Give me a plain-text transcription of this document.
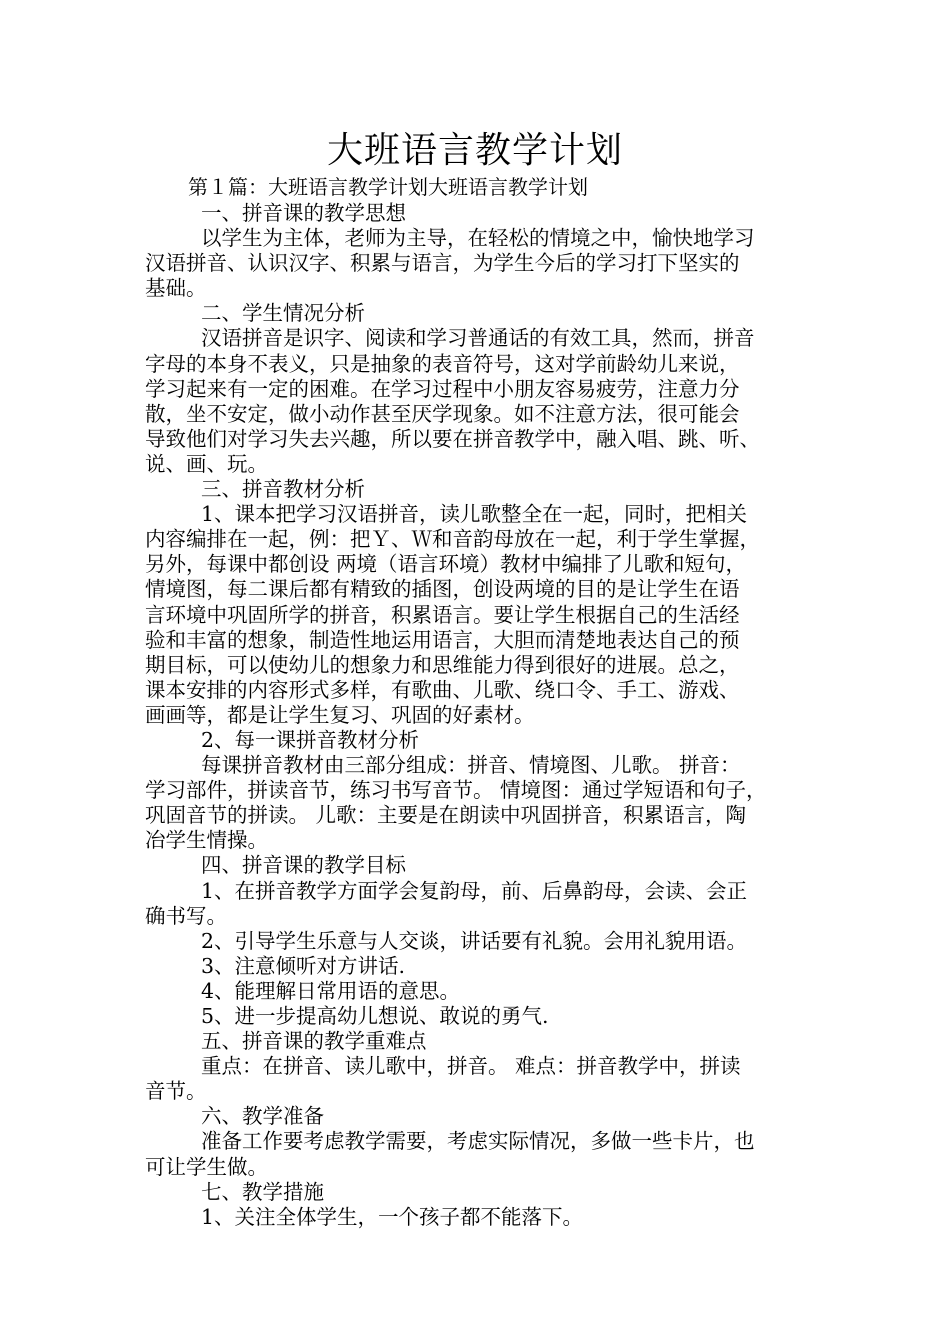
大班语言教学计划
第１篇：大班语言教学计划大班语言教学计划
一、拼音课的教学思想
以学生为主体，老师为主导，在轻松的情境之中，愉快地学习
汉语拼音、认识汉字、积累与语言，为学生今后的学习打下坚实的
基础。
二、学生情况分析
汉语拼音是识字、阅读和学习普通话的有效工具，然而，拼音
字母的本身不表义，只是抽象的表音符号，这对学前龄幼儿来说，
学习起来有一定的困难。在学习过程中小朋友容易疲劳，注意力分
散，坐不安定，做小动作甚至厌学现象。如不注意方法，很可能会
导致他们对学习失去兴趣，所以要在拼音教学中，融入唱、跳、听、
说、画、玩。
三、拼音教材分析
1、课本把学习汉语拼音，读儿歌整全在一起，同时，把相关
内容编排在一起，例：把Ｙ、Ｗ和音韵母放在一起，利于学生掌握，
另外，每课中都创设 两境（语言环境）教材中编排了儿歌和短句，
情境图，每二课后都有精致的插图，创设两境的目的是让学生在语
言环境中巩固所学的拼音，积累语言。要让学生根据自己的生活经
验和丰富的想象，制造性地运用语言，大胆而清楚地表达自己的预
期目标，可以使幼儿的想象力和思维能力得到很好的进展。总之，
课本安排的内容形式多样，有歌曲、儿歌、绕口令、手工、游戏、
画画等，都是让学生复习、巩固的好素材。
2、每一课拼音教材分析
每课拼音教材由三部分组成：拼音、情境图、儿歌。 拼音：
学习部件，拼读音节，练习书写音节。 情境图：通过学短语和句子，
巩固音节的拼读。 儿歌：主要是在朗读中巩固拼音，积累语言，陶
冶学生情操。
四、拼音课的教学目标
1、在拼音教学方面学会复韵母，前、后鼻韵母，会读、会正
确书写。
2、引导学生乐意与人交谈，讲话要有礼貌。会用礼貌用语。
3、注意倾听对方讲话.
4、能理解日常用语的意思。
5、进一步提高幼儿想说、敢说的勇气.
五、拼音课的教学重难点
重点：在拼音、读儿歌中，拼音。 难点：拼音教学中，拼读
音节。
六、教学准备
准备工作要考虑教学需要，考虑实际情况，多做一些卡片，也
可让学生做。
七、教学措施
1、关注全体学生，一个孩子都不能落下。
